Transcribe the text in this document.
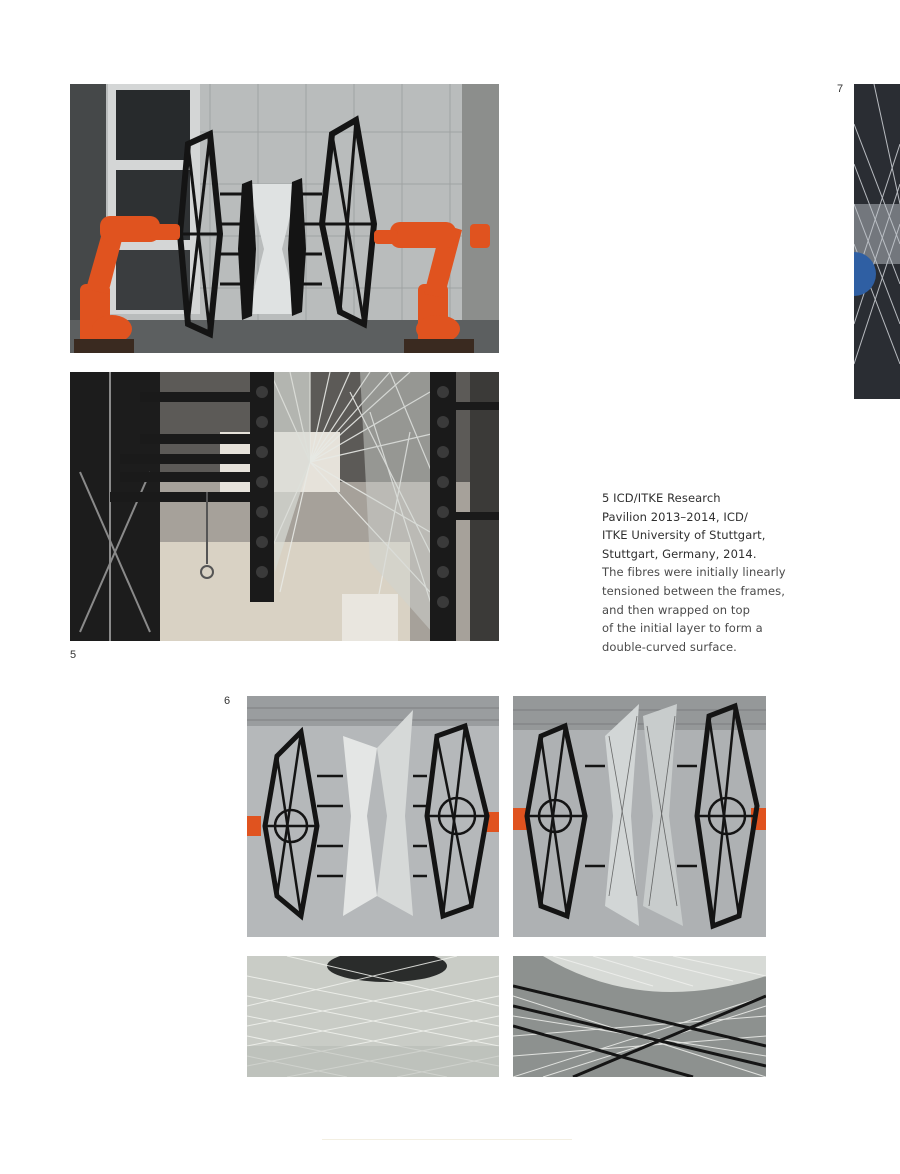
5
7
5 ICD/ITKE Research
Pavilion 2013–2014, ICD/
ITKE University of Stuttgart,
Stuttgart, Germany, 2014.
The fibres were initially linearly
tensioned between the frames,
and then wrapped on top
of the initial layer to form a
double-curved surface.
6
